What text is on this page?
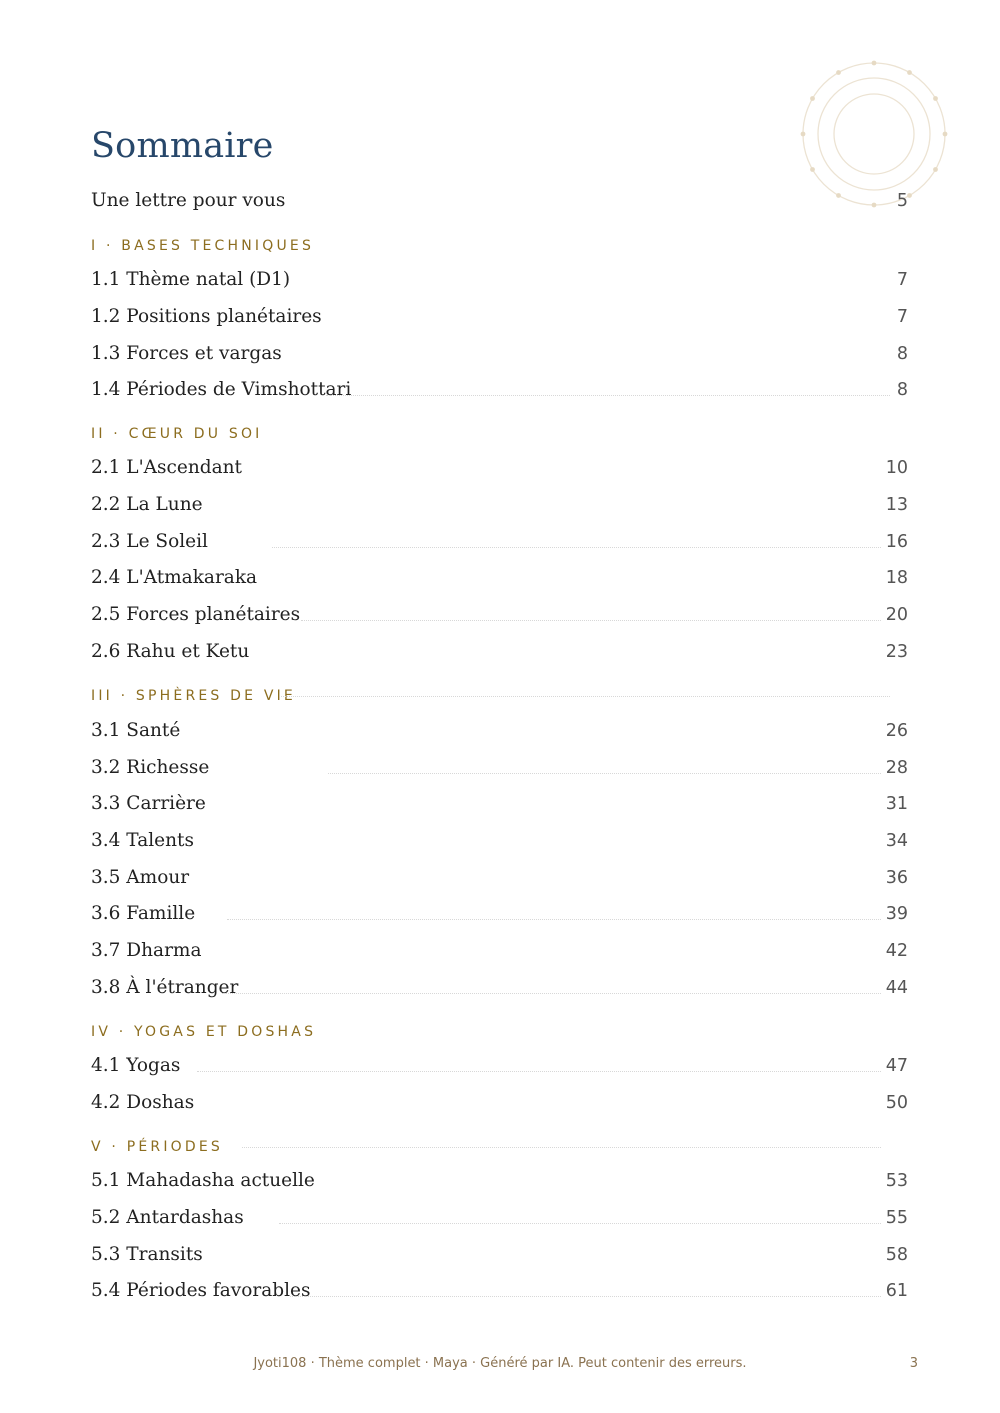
Sommaire
Une lettre pour vous	5
I · BASES TECHNIQUES
1.1 Thème natal (D1)	7
1.2 Positions planétaires	7
1.3 Forces et vargas	8
1.4 Périodes de Vimshottari	8
II · CŒUR DU SOI
2.1 L'Ascendant	10
2.2 La Lune	13
2.3 Le Soleil	16
2.4 L'Atmakaraka	18
2.5 Forces planétaires	20
2.6 Rahu et Ketu	23
III · SPHÈRES DE VIE
3.1 Santé	26
3.2 Richesse	28
3.3 Carrière	31
3.4 Talents	34
3.5 Amour	36
3.6 Famille	39
3.7 Dharma	42
3.8 À l'étranger	44
IV · YOGAS ET DOSHAS
4.1 Yogas	47
4.2 Doshas	50
V · PÉRIODES
5.1 Mahadasha actuelle	53
5.2 Antardashas	55
5.3 Transits	58
5.4 Périodes favorables	61
Jyoti108 · Thème complet · Maya · Généré par IA. Peut contenir des erreurs.	3
